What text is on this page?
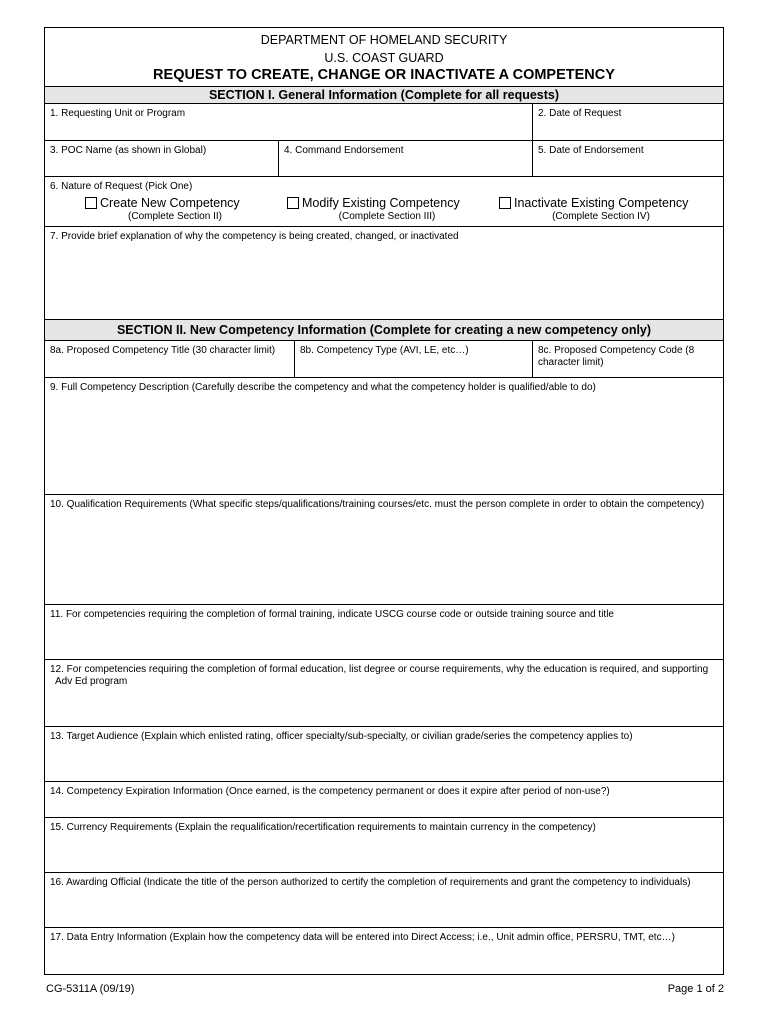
DEPARTMENT OF HOMELAND SECURITY
U.S. COAST GUARD
REQUEST TO CREATE, CHANGE OR INACTIVATE A COMPETENCY
SECTION I. General Information (Complete for all requests)
1. Requesting Unit or Program	2. Date of Request
3. POC Name (as shown in Global)	4. Command Endorsement	5. Date of Endorsement
6. Nature of Request (Pick One)
Create New Competency
(Complete Section II)
Modify Existing Competency
(Complete Section III)
Inactivate Existing Competency
(Complete Section IV)
7. Provide brief explanation of why the competency is being created, changed, or inactivated
SECTION II. New Competency Information (Complete for creating a new competency only)
8a. Proposed Competency Title (30 character limit)	8b. Competency Type (AVI, LE, etc…)	8c. Proposed Competency Code (8 character limit)
9. Full Competency Description (Carefully describe the competency and what the competency holder is qualified/able to do)
10. Qualification Requirements (What specific steps/qualifications/training courses/etc. must the person complete in order to obtain the competency)
11. For competencies requiring the completion of formal training, indicate USCG course code or outside training source and title
12. For competencies requiring the completion of formal education, list degree or course requirements, why the education is required, and supporting
Adv Ed program
13. Target Audience (Explain which enlisted rating, officer specialty/sub-specialty, or civilian grade/series the competency applies to)
14. Competency Expiration Information (Once earned, is the competency permanent or does it expire after period of non-use?)
15. Currency Requirements (Explain the requalification/recertification requirements to maintain currency in the competency)
16. Awarding Official (Indicate the title of the person authorized to certify the completion of requirements and grant the competency to individuals)
17. Data Entry Information (Explain how the competency data will be entered into Direct Access; i.e., Unit admin office, PERSRU, TMT, etc…)
CG-5311A (09/19)	Page 1 of 2
